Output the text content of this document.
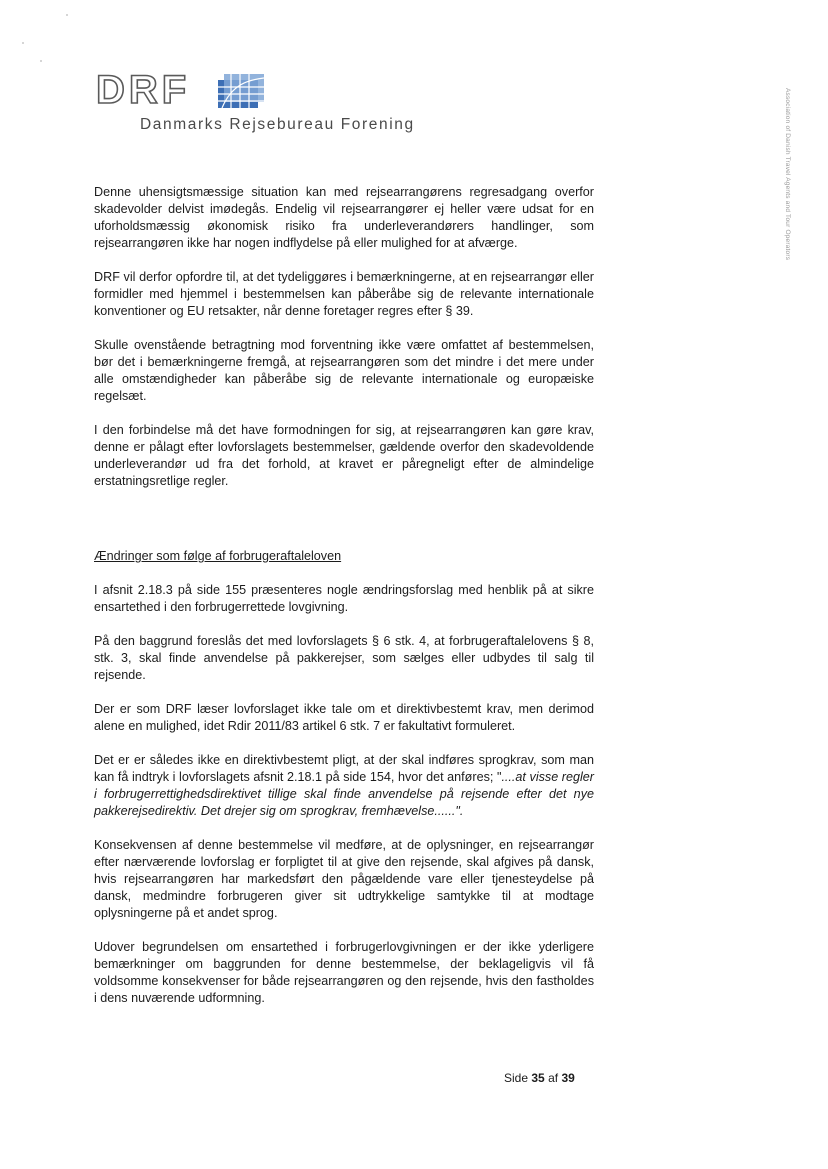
DRF
Danmarks Rejsebureau Forening	Association of Danish Travel Agents and Tour Operators

Denne uhensigtsmæssige situation kan med rejsearrangørens regresadgang overfor skadevolder delvist imødegås. Endelig vil rejsearrangører ej heller være udsat for en uforholdsmæssig økonomisk risiko fra underleverandørers handlinger, som rejsearrangøren ikke har nogen indflydelse på eller mulighed for at afværge.

DRF vil derfor opfordre til, at det tydeliggøres i bemærkningerne, at en rejsearrangør eller formidler med hjemmel i bestemmelsen kan påberåbe sig de relevante internationale konventioner og EU retsakter, når denne foretager regres efter § 39.

Skulle ovenstående betragtning mod forventning ikke være omfattet af bestemmelsen, bør det i bemærkningerne fremgå, at rejsearrangøren som det mindre i det mere under alle omstændigheder kan påberåbe sig de relevante internationale og europæiske regelsæt.

I den forbindelse må det have formodningen for sig, at rejsearrangøren kan gøre krav, denne er pålagt efter lovforslagets bestemmelser, gældende overfor den skadevoldende underleverandør ud fra det forhold, at kravet er påregneligt efter de almindelige erstatningsretlige regler.

Ændringer som følge af forbrugeraftaleloven

I afsnit 2.18.3 på side 155 præsenteres nogle ændringsforslag med henblik på at sikre ensartethed i den forbrugerrettede lovgivning.

På den baggrund foreslås det med lovforslagets § 6 stk. 4, at forbrugeraftalelovens § 8, stk. 3, skal finde anvendelse på pakkerejser, som sælges eller udbydes til salg til rejsende.

Der er som DRF læser lovforslaget ikke tale om et direktivbestemt krav, men derimod alene en mulighed, idet Rdir 2011/83 artikel 6 stk. 7 er fakultativt formuleret.

Det er er således ikke en direktivbestemt pligt, at der skal indføres sprogkrav, som man kan få indtryk i lovforslagets afsnit 2.18.1 på side 154, hvor det anføres; "....at visse regler i forbrugerrettighedsdirektivet tillige skal finde anvendelse på rejsende efter det nye pakkerejsedirektiv. Det drejer sig om sprogkrav, fremhævelse......".

Konsekvensen af denne bestemmelse vil medføre, at de oplysninger, en rejsearrangør efter nærværende lovforslag er forpligtet til at give den rejsende, skal afgives på dansk, hvis rejsearrangøren har markedsført den pågældende vare eller tjenesteydelse på dansk, medmindre forbrugeren giver sit udtrykkelige samtykke til at modtage oplysningerne på et andet sprog.

Udover begrundelsen om ensartethed i forbrugerlovgivningen er der ikke yderligere bemærkninger om baggrunden for denne bestemmelse, der beklageligvis vil få voldsomme konsekvenser for både rejsearrangøren og den rejsende, hvis den fastholdes i dens nuværende udformning.

Side 35 af 39
